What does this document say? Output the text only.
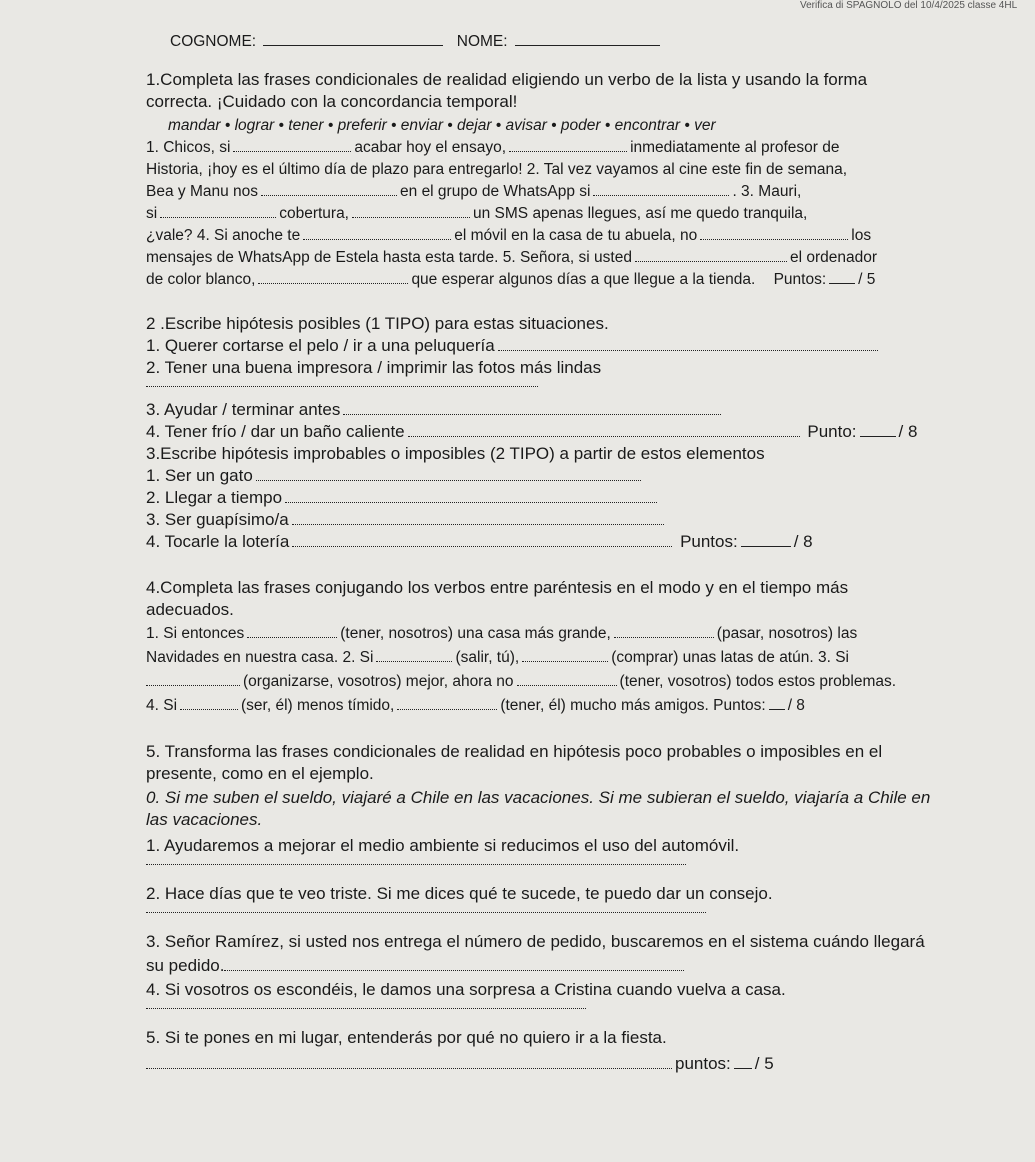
Verifica di SPAGNOLO del 10/4/2025 classe 4HL
COGNOME:	NOME:
1.Completa las frases condicionales de realidad eligiendo un verbo de la lista y usando la forma
correcta. ¡Cuidado con la concordancia temporal!
mandar • lograr • tener • preferir • enviar • dejar • avisar • poder • encontrar • ver
1. Chicos, si	acabar hoy el ensayo,	inmediatamente al profesor de
Historia, ¡hoy es el último día de plazo para entregarlo! 2. Tal vez vayamos al cine este fin de semana,
Bea y Manu nos	en el grupo de WhatsApp si	. 3. Mauri,
si	cobertura,	un SMS apenas llegues, así me quedo tranquila,
¿vale? 4. Si anoche te	el móvil en la casa de tu abuela, no	los
mensajes de WhatsApp de Estela hasta esta tarde. 5. Señora, si usted	el ordenador
de color blanco,	que esperar algunos días a que llegue a la tienda. Puntos: / 5
2 .Escribe hipótesis posibles (1 TIPO) para estas situaciones.
1. Querer cortarse el pelo / ir a una peluquería
2. Tener una buena impresora / imprimir las fotos más lindas
3. Ayudar / terminar antes
4. Tener frío / dar un baño caliente	Punto: / 8
3.Escribe hipótesis improbables o imposibles (2 TIPO) a partir de estos elementos
1. Ser un gato
2. Llegar a tiempo
3. Ser guapísimo/a
4. Tocarle la lotería	Puntos:	/ 8
4.Completa las frases conjugando los verbos entre paréntesis en el modo y en el tiempo más
adecuados.
1. Si entonces	(tener, nosotros) una casa más grande,	(pasar, nosotros) las
Navidades en nuestra casa. 2. Si	(salir, tú),	(comprar) unas latas de atún. 3. Si
(organizarse, vosotros) mejor, ahora no	(tener, vosotros) todos estos problemas.
4. Si	(ser, él) menos tímido,	(tener, él) mucho más amigos. Puntos: / 8
5. Transforma las frases condicionales de realidad en hipótesis poco probables o imposibles en el
presente, como en el ejemplo.
0. Si me suben el sueldo, viajaré a Chile en las vacaciones. Si me subieran el sueldo, viajaría a Chile en
las vacaciones.
1. Ayudaremos a mejorar el medio ambiente si reducimos el uso del automóvil.
2. Hace días que te veo triste. Si me dices qué te sucede, te puedo dar un consejo.
3. Señor Ramírez, si usted nos entrega el número de pedido, buscaremos en el sistema cuándo llegará
su pedido.
4. Si vosotros os escondéis, le damos una sorpresa a Cristina cuando vuelva a casa.
5. Si te pones en mi lugar, entenderás por qué no quiero ir a la fiesta.
puntos: / 5
